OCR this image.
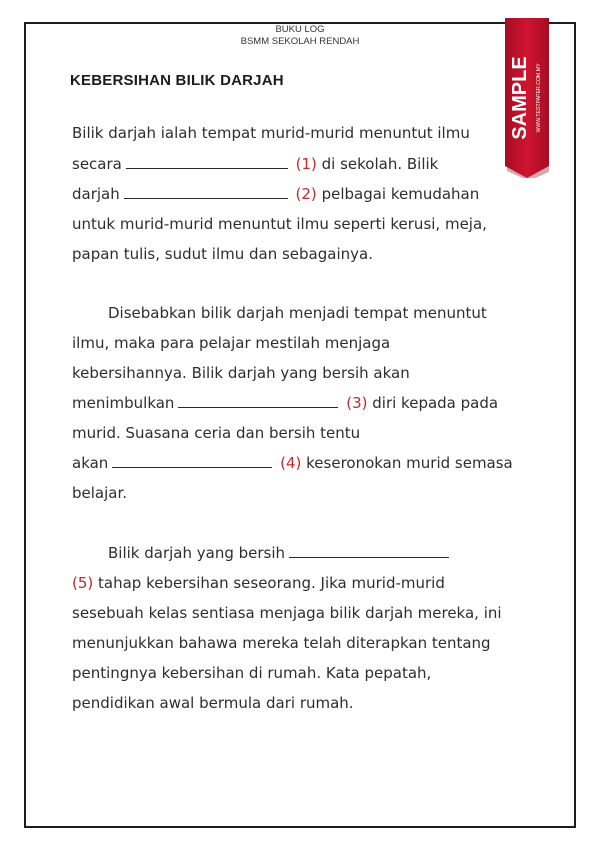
BUKU LOG
BSMM SEKOLAH RENDAH
SAMPLE WWW.TESTPAPER.COM.MY
KEBERSIHAN BILIK DARJAH
Bilik darjah ialah tempat murid-murid menuntut ilmu
secara	(1) di sekolah. Bilik
darjah	(2) pelbagai kemudahan
untuk murid-murid menuntut ilmu seperti kerusi, meja,
papan tulis, sudut ilmu dan sebagainya.
Disebabkan bilik darjah menjadi tempat menuntut
ilmu, maka para pelajar mestilah menjaga
kebersihannya. Bilik darjah yang bersih akan
menimbulkan	(3) diri kepada pada
murid. Suasana ceria dan bersih tentu
akan	(4) keseronokan murid semasa
belajar.
Bilik darjah yang bersih
(5) tahap kebersihan seseorang. Jika murid-murid
sesebuah kelas sentiasa menjaga bilik darjah mereka, ini
menunjukkan bahawa mereka telah diterapkan tentang
pentingnya kebersihan di rumah. Kata pepatah,
pendidikan awal bermula dari rumah.
